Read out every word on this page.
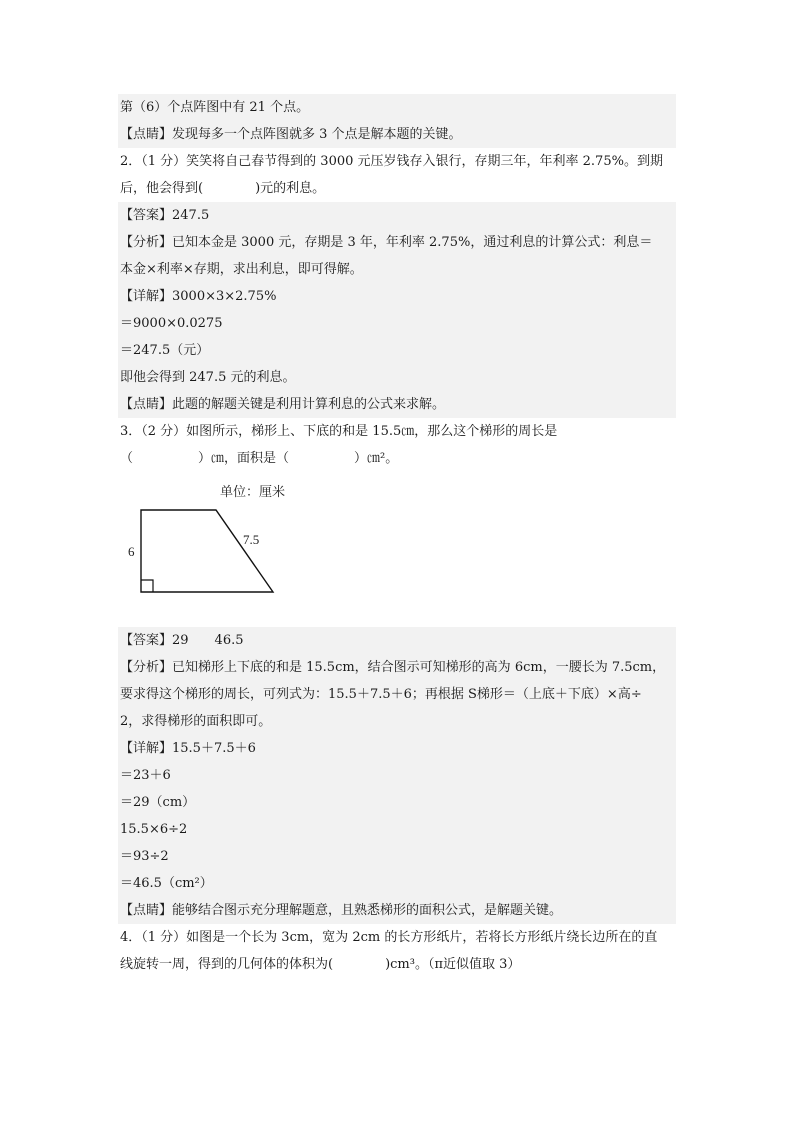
第（6）个点阵图中有 21 个点。
【点睛】发现每多一个点阵图就多 3 个点是解本题的关键。
2．（1 分）笑笑将自己春节得到的 3000 元压岁钱存入银行，存期三年，年利率 2.75%。到期
后，他会得到(　　　　)元的利息。
【答案】247.5
【分析】已知本金是 3000 元，存期是 3 年，年利率 2.75%，通过利息的计算公式：利息＝
本金×利率×存期，求出利息，即可得解。
【详解】3000×3×2.75%
＝9000×0.0275
＝247.5（元）
即他会得到 247.5 元的利息。
【点睛】此题的解题关键是利用计算利息的公式来求解。
3．（2 分）如图所示，梯形上、下底的和是 15.5㎝，那么这个梯形的周长是
（　　　　　）㎝，面积是（　　　　　）㎝²。
单位：厘米
6
7.5
【答案】29　　46.5
【分析】已知梯形上下底的和是 15.5cm，结合图示可知梯形的高为 6cm，一腰长为 7.5cm，
要求得这个梯形的周长，可列式为：15.5＋7.5＋6；再根据 S梯形＝（上底＋下底）×高÷
2，求得梯形的面积即可。
【详解】15.5＋7.5＋6
＝23＋6
＝29（cm）
15.5×6÷2
＝93÷2
＝46.5（cm²）
【点睛】能够结合图示充分理解题意，且熟悉梯形的面积公式，是解题关键。
4．（1 分）如图是一个长为 3cm，宽为 2cm 的长方形纸片，若将长方形纸片绕长边所在的直
线旋转一周，得到的几何体的体积为(　　　　)cm³。（π近似值取 3）
